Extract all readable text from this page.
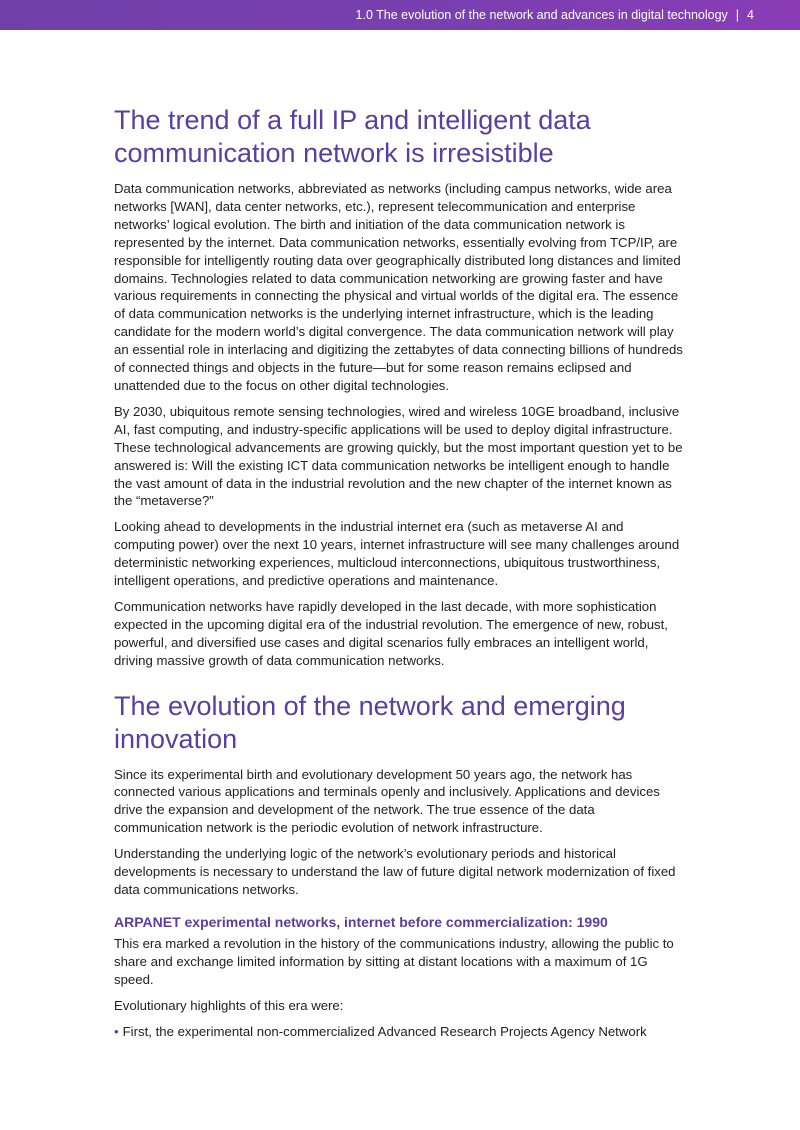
1.0 The evolution of the network and advances in digital technology | 4
The trend of a full IP and intelligent data communication network is irresistible

Data communication networks, abbreviated as networks (including campus networks, wide area networks [WAN], data center networks, etc.), represent telecommunication and enterprise networks’ logical evolution. The birth and initiation of the data communication network is represented by the internet. Data communication networks, essentially evolving from TCP/IP, are responsible for intelligently routing data over geographically distributed long distances and limited domains. Technologies related to data communication networking are growing faster and have various requirements in connecting the physical and virtual worlds of the digital era. The essence of data communication networks is the underlying internet infrastructure, which is the leading candidate for the modern world’s digital convergence. The data communication network will play an essential role in interlacing and digitizing the zettabytes of data connecting billions of hundreds of connected things and objects in the future—but for some reason remains eclipsed and unattended due to the focus on other digital technologies.

By 2030, ubiquitous remote sensing technologies, wired and wireless 10GE broadband, inclusive AI, fast computing, and industry-specific applications will be used to deploy digital infrastructure. These technological advancements are growing quickly, but the most important question yet to be answered is: Will the existing ICT data communication networks be intelligent enough to handle the vast amount of data in the industrial revolution and the new chapter of the internet known as the “metaverse?”

Looking ahead to developments in the industrial internet era (such as metaverse AI and computing power) over the next 10 years, internet infrastructure will see many challenges around deterministic networking experiences, multicloud interconnections, ubiquitous trustworthiness, intelligent operations, and predictive operations and maintenance.

Communication networks have rapidly developed in the last decade, with more sophistication expected in the upcoming digital era of the industrial revolution. The emergence of new, robust, powerful, and diversified use cases and digital scenarios fully embraces an intelligent world, driving massive growth of data communication networks.

The evolution of the network and emerging innovation

Since its experimental birth and evolutionary development 50 years ago, the network has connected various applications and terminals openly and inclusively. Applications and devices drive the expansion and development of the network. The true essence of the data communication network is the periodic evolution of network infrastructure.

Understanding the underlying logic of the network’s evolutionary periods and historical developments is necessary to understand the law of future digital network modernization of fixed data communications networks.

ARPANET experimental networks, internet before commercialization: 1990

This era marked a revolution in the history of the communications industry, allowing the public to share and exchange limited information by sitting at distant locations with a maximum of 1G speed.

Evolutionary highlights of this era were:

• First, the experimental non-commercialized Advanced Research Projects Agency Network
